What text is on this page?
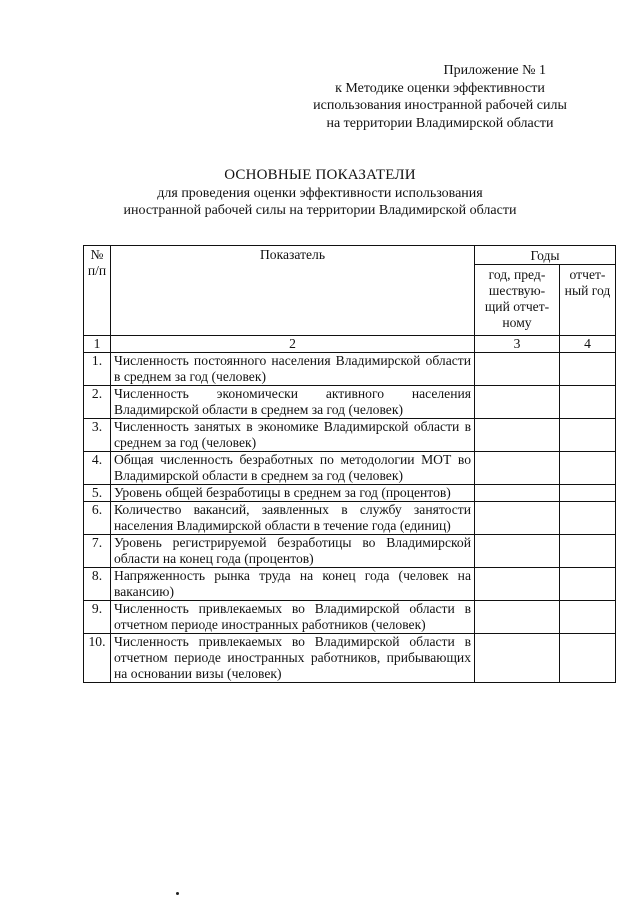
Приложение № 1
к Методике оценки эффективности
использования иностранной рабочей силы
на территории Владимирской области
ОСНОВНЫЕ ПОКАЗАТЕЛИ
для проведения оценки эффективности использования
иностранной рабочей силы на территории Владимирской области
№ п/п	Показатель	Годы	
		год, пред-шествую-щий отчет-ному	отчет-ный год
1	2	3	4
1.	Численность постоянного населения Владимирской области в среднем за год (человек)		
2.	Численность экономически активного населения Владимирской области в среднем за год (человек)		
3.	Численность занятых в экономике Владимирской области в среднем за год (человек)		
4.	Общая численность безработных по методологии МОТ во Владимирской области в среднем за год (человек)		
5.	Уровень общей безработицы в среднем за год (процентов)		
6.	Количество вакансий, заявленных в службу занятости населения Владимирской области в течение года (единиц)		
7.	Уровень регистрируемой безработицы во Владимирской области на конец года (процентов)		
8.	Напряженность рынка труда на конец года (человек на вакансию)		
9.	Численность привлекаемых во Владимирской области в отчетном периоде иностранных работников (человек)		
10.	Численность привлекаемых во Владимирской области в отчетном периоде иностранных работников, прибывающих на основании визы (человек)		
